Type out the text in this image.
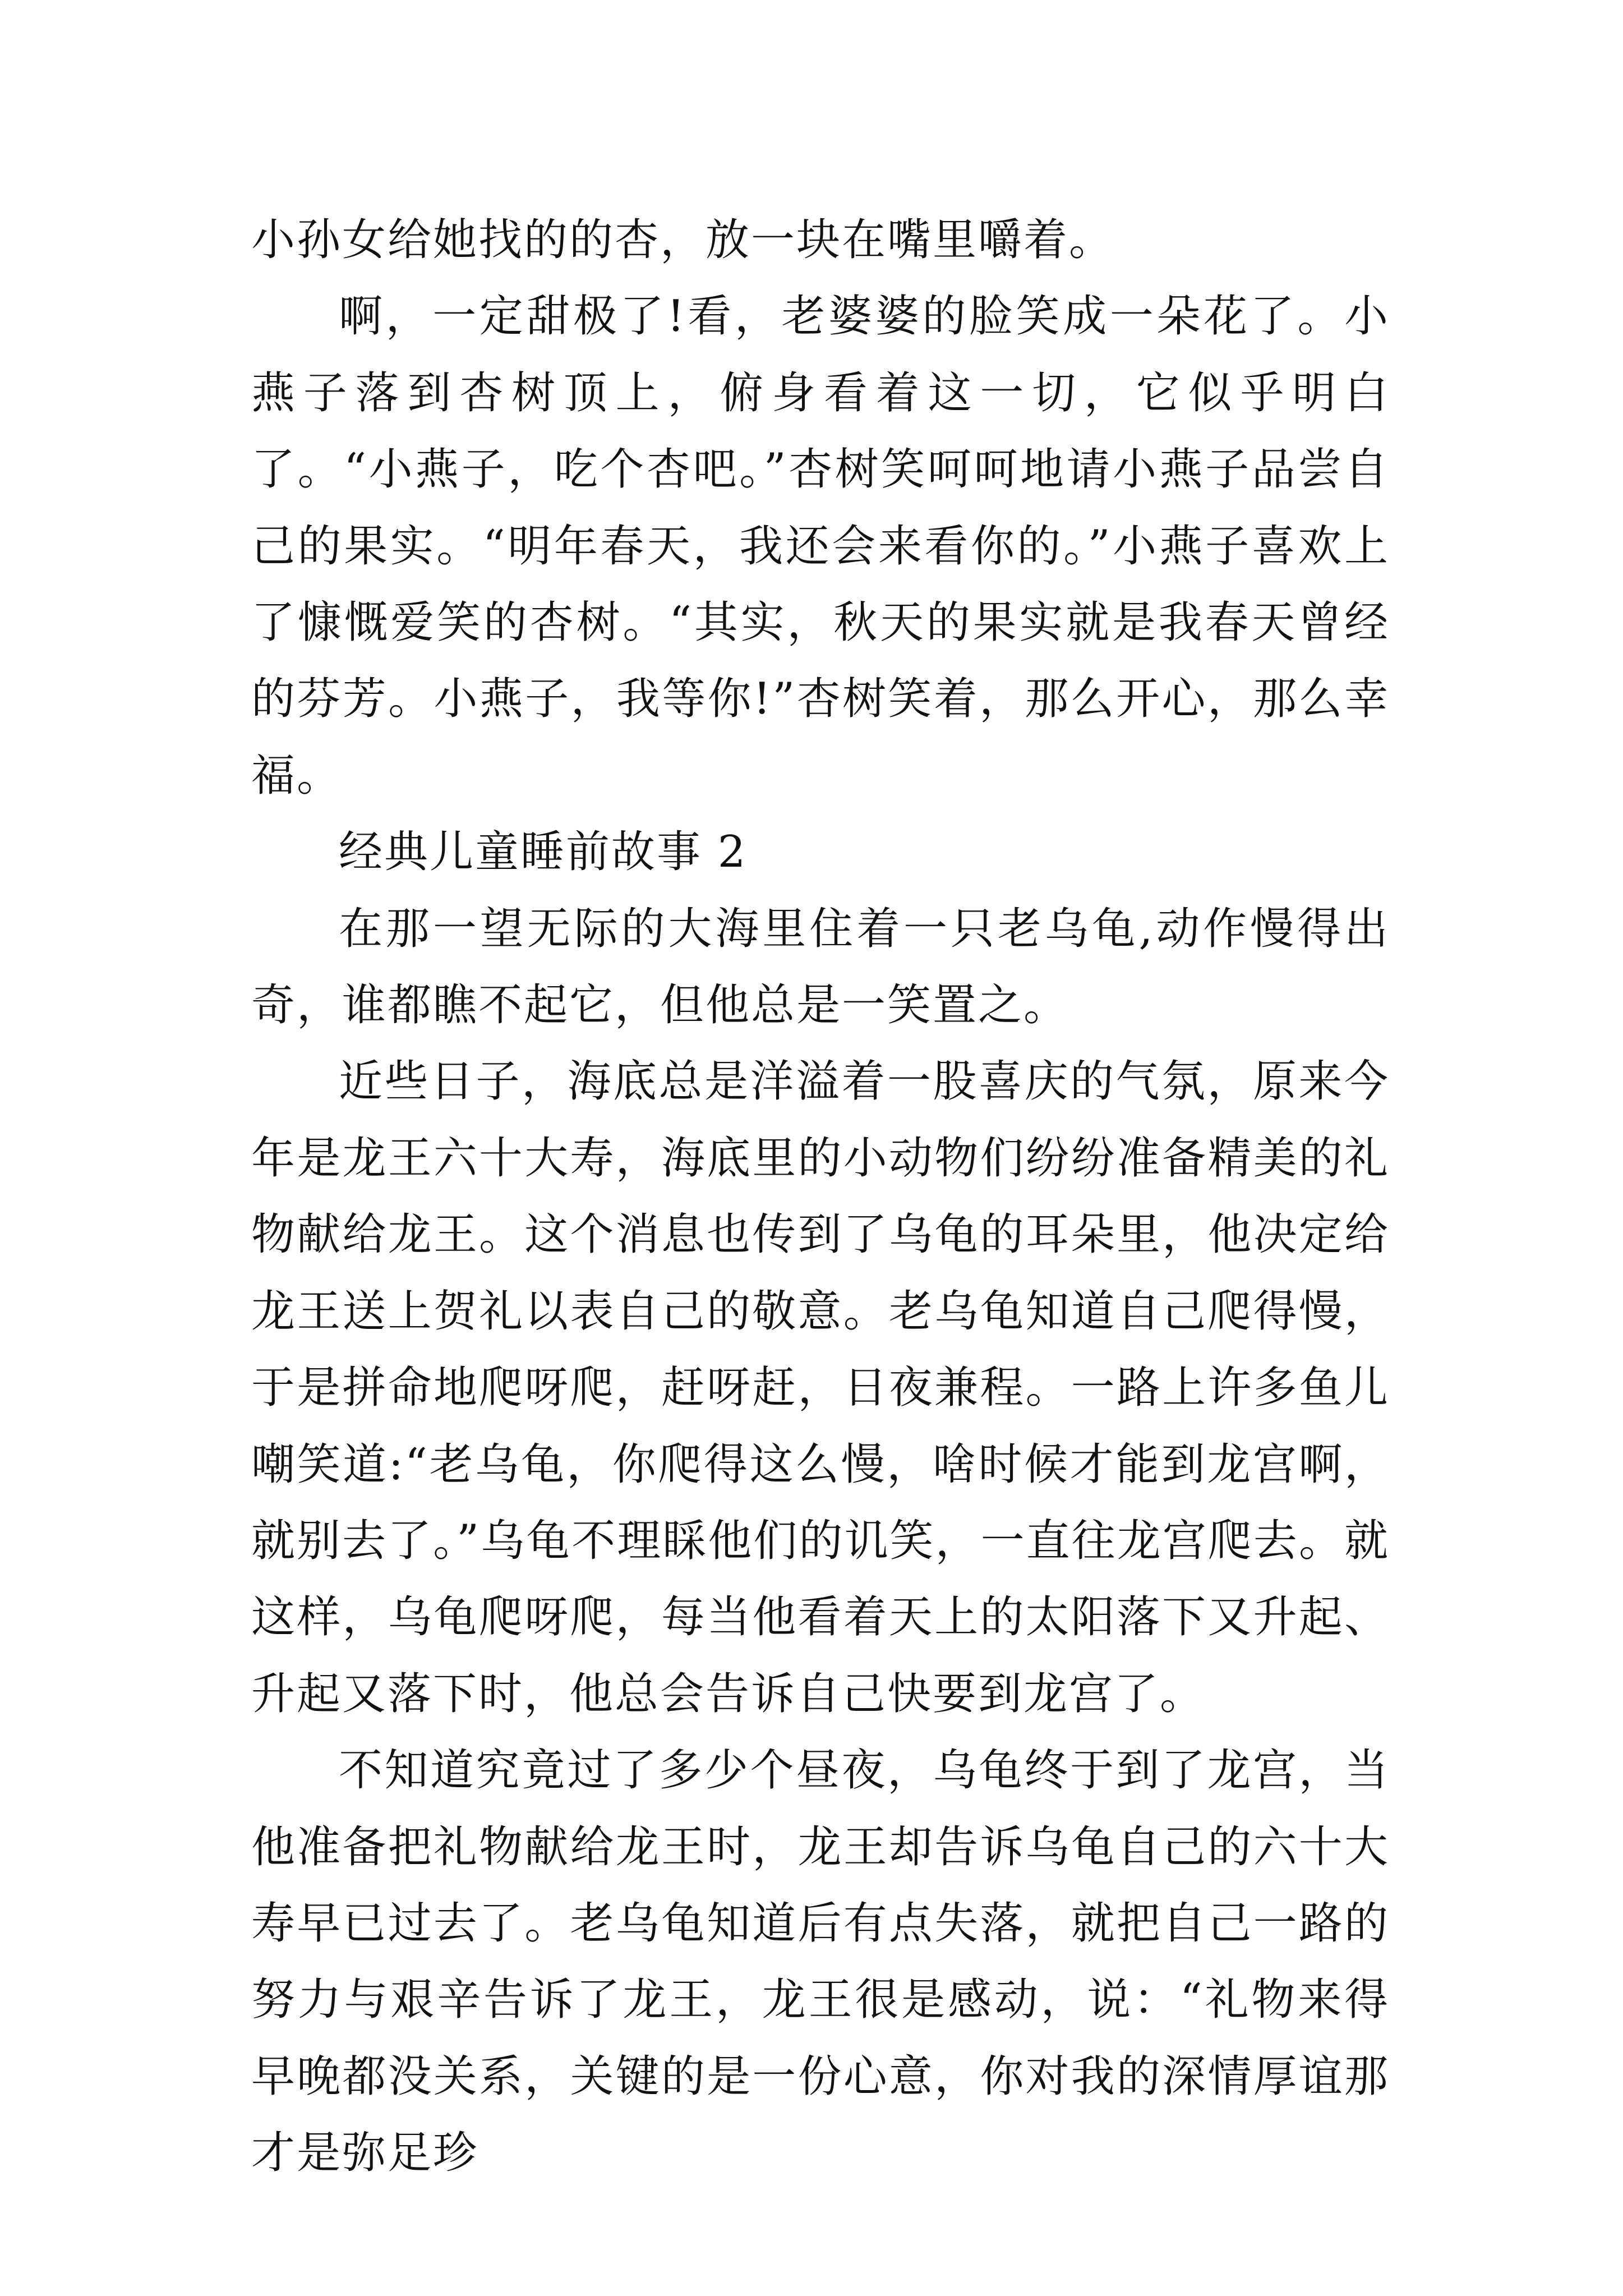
小孙女给她找的的杏，放一块在嘴里嚼着。

啊，一定甜极了!看，老婆婆的脸笑成一朵花了。小燕子落到杏树顶上，俯身看着这一切，它似乎明白了。“小燕子，吃个杏吧。”杏树笑呵呵地请小燕子品尝自己的果实。“明年春天，我还会来看你的。”小燕子喜欢上了慷慨爱笑的杏树。“其实，秋天的果实就是我春天曾经的芬芳。小燕子，我等你!”杏树笑着，那么开心，那么幸福。

经典儿童睡前故事 2

在那一望无际的大海里住着一只老乌龟,动作慢得出奇，谁都瞧不起它，但他总是一笑置之。

近些日子，海底总是洋溢着一股喜庆的气氛，原来今年是龙王六十大寿，海底里的小动物们纷纷准备精美的礼物献给龙王。这个消息也传到了乌龟的耳朵里，他决定给龙王送上贺礼以表自己的敬意。老乌龟知道自己爬得慢，于是拼命地爬呀爬，赶呀赶，日夜兼程。一路上许多鱼儿嘲笑道:“老乌龟，你爬得这么慢，啥时候才能到龙宫啊，就别去了。”乌龟不理睬他们的讥笑，一直往龙宫爬去。就这样，乌龟爬呀爬，每当他看着天上的太阳落下又升起、升起又落下时，他总会告诉自己快要到龙宫了。

不知道究竟过了多少个昼夜，乌龟终于到了龙宫，当他准备把礼物献给龙王时，龙王却告诉乌龟自己的六十大寿早已过去了。老乌龟知道后有点失落，就把自己一路的努力与艰辛告诉了龙王，龙王很是感动，说：“礼物来得早晚都没关系，关键的是一份心意，你对我的深情厚谊那才是弥足珍
